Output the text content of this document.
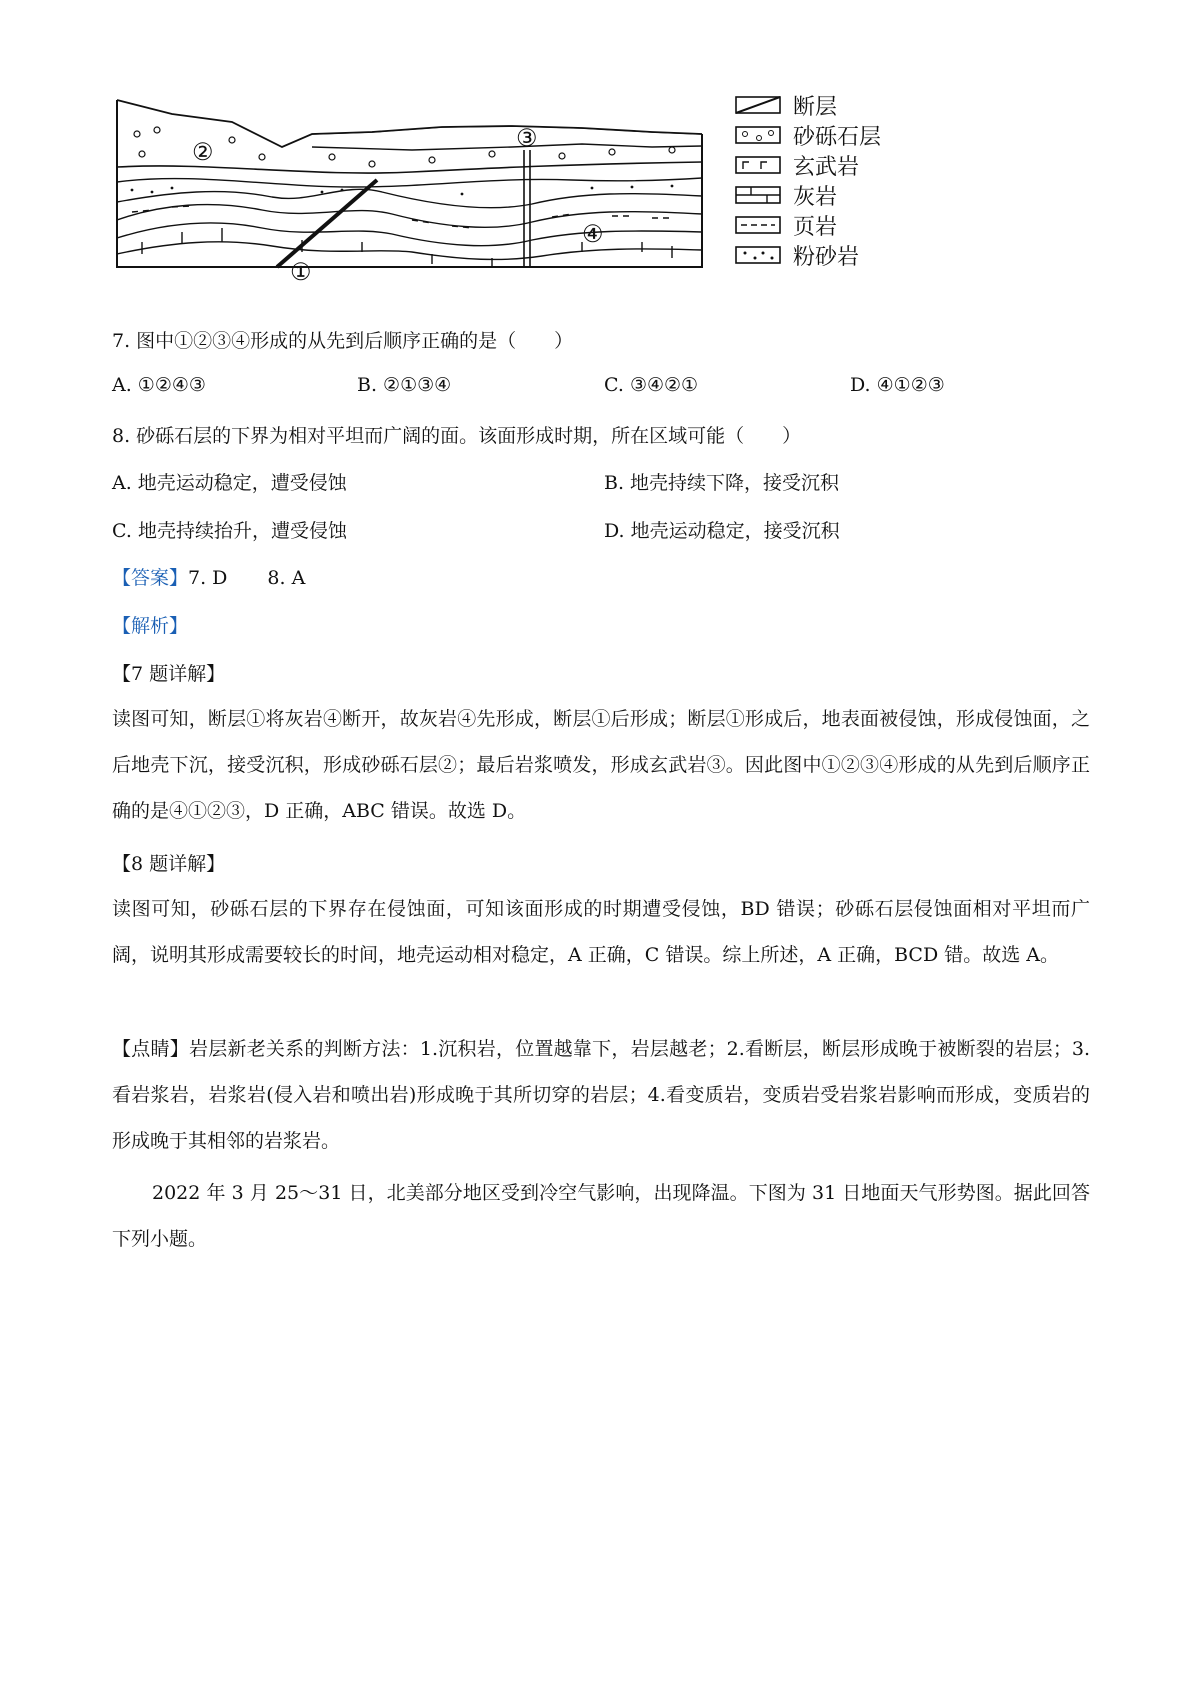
①
②	③
④
断层
砂砾石层
玄武岩
灰岩
页岩
粉砂岩
7. 图中①②③④形成的从先到后顺序正确的是（　　）
A. ①②④③	B. ②①③④	C. ③④②①	D. ④①②③
8. 砂砾石层的下界为相对平坦而广阔的面。该面形成时期，所在区域可能（　　）
A. 地壳运动稳定，遭受侵蚀	B. 地壳持续下降，接受沉积
C. 地壳持续抬升，遭受侵蚀	D. 地壳运动稳定，接受沉积
【答案】7. D 8. A
【解析】
【7 题详解】
读图可知，断层①将灰岩④断开，故灰岩④先形成，断层①后形成；断层①形成后，地表面被侵蚀，形成侵蚀面，之后地壳下沉，接受沉积，形成砂砾石层②；最后岩浆喷发，形成玄武岩③。因此图中①②③④形成的从先到后顺序正确的是④①②③，D 正确，ABC 错误。故选 D。
【8 题详解】
读图可知，砂砾石层的下界存在侵蚀面，可知该面形成的时期遭受侵蚀，BD 错误；砂砾石层侵蚀面相对平坦而广阔，说明其形成需要较长的时间，地壳运动相对稳定，A 正确，C 错误。综上所述，A 正确，BCD 错。故选 A。
【点睛】岩层新老关系的判断方法：1.沉积岩，位置越靠下，岩层越老；2.看断层，断层形成晚于被断裂的岩层；3.看岩浆岩，岩浆岩(侵入岩和喷出岩)形成晚于其所切穿的岩层；4.看变质岩，变质岩受岩浆岩影响而形成，变质岩的形成晚于其相邻的岩浆岩。
2022 年 3 月 25～31 日，北美部分地区受到冷空气影响，出现降温。下图为 31 日地面天气形势图。据此回答下列小题。
